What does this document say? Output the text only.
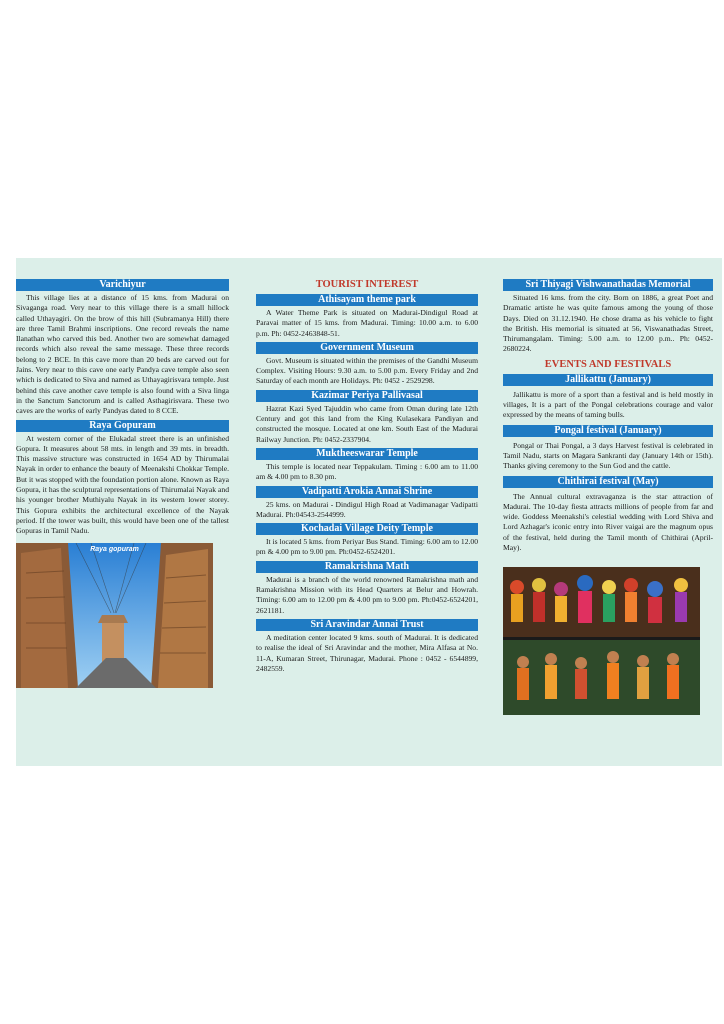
Varichiyur

This village lies at a distance of 15 kms. from Madurai on Sivaganga road. Very near to this village there is a small hillock called Uthayagiri. On the brow of this hill (Subramanya Hill) there are three Tamil Brahmi inscriptions. One record reveals the name Ilanathan who carved this bed. Another two are somewhat damaged records which also reveal the same message. These three records belong to 2 BCE. In this cave more than 20 beds are carved out for Jains. Very near to this cave one early Pandya cave temple also seen which is dedicated to Siva and named as Uthayagirisvara temple. Just behind this cave another cave temple is also found with a Siva linga in the Sanctum Sanctorum and is called Asthagirisvara. These two caves are the works of early Pandyas dated to 8 CCE.

Raya Gopuram

At western corner of the Elukadal street there is an unfinished Gopura. It measures about 58 mts. in length and 39 mts. in breadth. This massive structure was constructed in 1654 AD by Thirumalai Nayak in order to enhance the beauty of Meenakshi Chokkar Temple. But it was stopped with the foundation portion alone. Known as Raya Gopura, it has the sculptural representations of Thirumalai Nayak and his younger brother Muthiyalu Nayak in its western lower storey. This Gopura exhibits the architectural excellence of the Nayak period. If the tower was built, this would have been one of the tallest Gopuras in Tamil Nadu.

Raya gopuram
TOURIST INTEREST
Athisayam theme park

A Water Theme Park is situated on Madurai-Dindigul Road at Paravai matter of 15 kms. from Madurai. Timing: 10.00 a.m. to 6.00 p.m. Ph: 0452-2463848-51.

Government Museum

Govt. Museum is situated within the premises of the Gandhi Museum Complex. Visiting Hours: 9.30 a.m. to 5.00 p.m. Every Friday and 2nd Saturday of each month are Holidays. Ph: 0452 - 2529298.

Kazimar Periya Pallivasal

Hazrat Kazi Syed Tajuddin who came from Oman during late 12th Century and got this land from the King Kulasekara Pandiyan and constructed the mosque. Located at one km. South East of the Madurai Railway Junction. Ph: 0452-2337904.

Muktheeswarar Temple

This temple is located near Teppakulam. Timing : 6.00 am to 11.00 am & 4.00 pm to 8.30 pm.

Vadipatti Arokia Annai Shrine

25 kms. on Madurai - Dindigul High Road at Vadimanagar Vadipatti Madurai. Ph:04543-2544999.

Kochadai Village Deity Temple

It is located 5 kms. from Periyar Bus Stand. Timing: 6.00 am to 12.00 pm & 4.00 pm to 9.00 pm. Ph:0452-6524201.

Ramakrishna Math

Madurai is a branch of the world renowned Ramakrishna math and Ramakrishna Mission with its Head Quarters at Belur and Howrah. Timing: 6.00 am to 12.00 pm & 4.00 pm to 9.00 pm. Ph:0452-6524201, 2621181.

Sri Aravindar Annai Trust

A meditation center located 9 kms. south of Madurai. It is dedicated to realise the ideal of Sri Aravindar and the mother, Mira Alfasa at No. 11-A, Kumaran Street, Thirunagar, Madurai. Phone : 0452 - 6544899, 2482559.

Sri Thiyagi Vishwanathadas Memorial

Situated 16 kms. from the city. Born on 1886, a great Poet and Dramatic artiste he was quite famous among the young of those Days. Died on 31.12.1940. He chose drama as his vehicle to fight the British. His memorial is situated at 56, Viswanathadas Street, Thirumangalam. Timing: 5.00 a.m. to 12.00 p.m.. Ph: 0452-2680224.

EVENTS AND FESTIVALS
Jallikattu (January)

Jallikattu is more of a sport than a festival and is held mostly in villages, It is a part of the Pongal celebrations courage and valor expressed by the means of taming bulls.

Pongal festival (January)

Pongal or Thai Pongal, a 3 days Harvest festival is celebrated in Tamil Nadu, starts on Magara Sankranti day (January 14th or 15th). Thanks giving ceremony to the Sun God and the cattle.

Chithirai festival (May)

The Annual cultural extravaganza is the star attraction of Madurai. The 10-day fiesta attracts millions of people from far and wide. Goddess Meenakshi's celestial wedding with Lord Shiva and Lord Azhagar's iconic entry into River vaigai are the magnum opus of the festival, held during the Tamil month of Chithirai (April-May).
